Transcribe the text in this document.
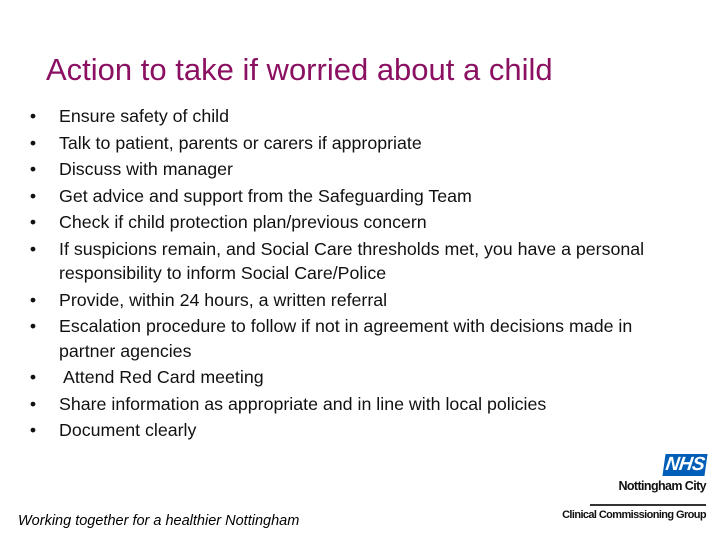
Action to take if worried about a child
• Ensure safety of child
• Talk to patient, parents or carers if appropriate
• Discuss with manager
• Get advice and support from the Safeguarding Team
• Check if child protection plan/previous concern
• If suspicions remain, and Social Care thresholds met, you have a personal responsibility to inform Social Care/Police
• Provide, within 24 hours, a written referral
• Escalation procedure to follow if not in agreement with decisions made in partner agencies
• Attend Red Card meeting
• Share information as appropriate and in line with local policies
• Document clearly
Working together for a healthier Nottingham
NHS
Nottingham City
Clinical Commissioning Group
